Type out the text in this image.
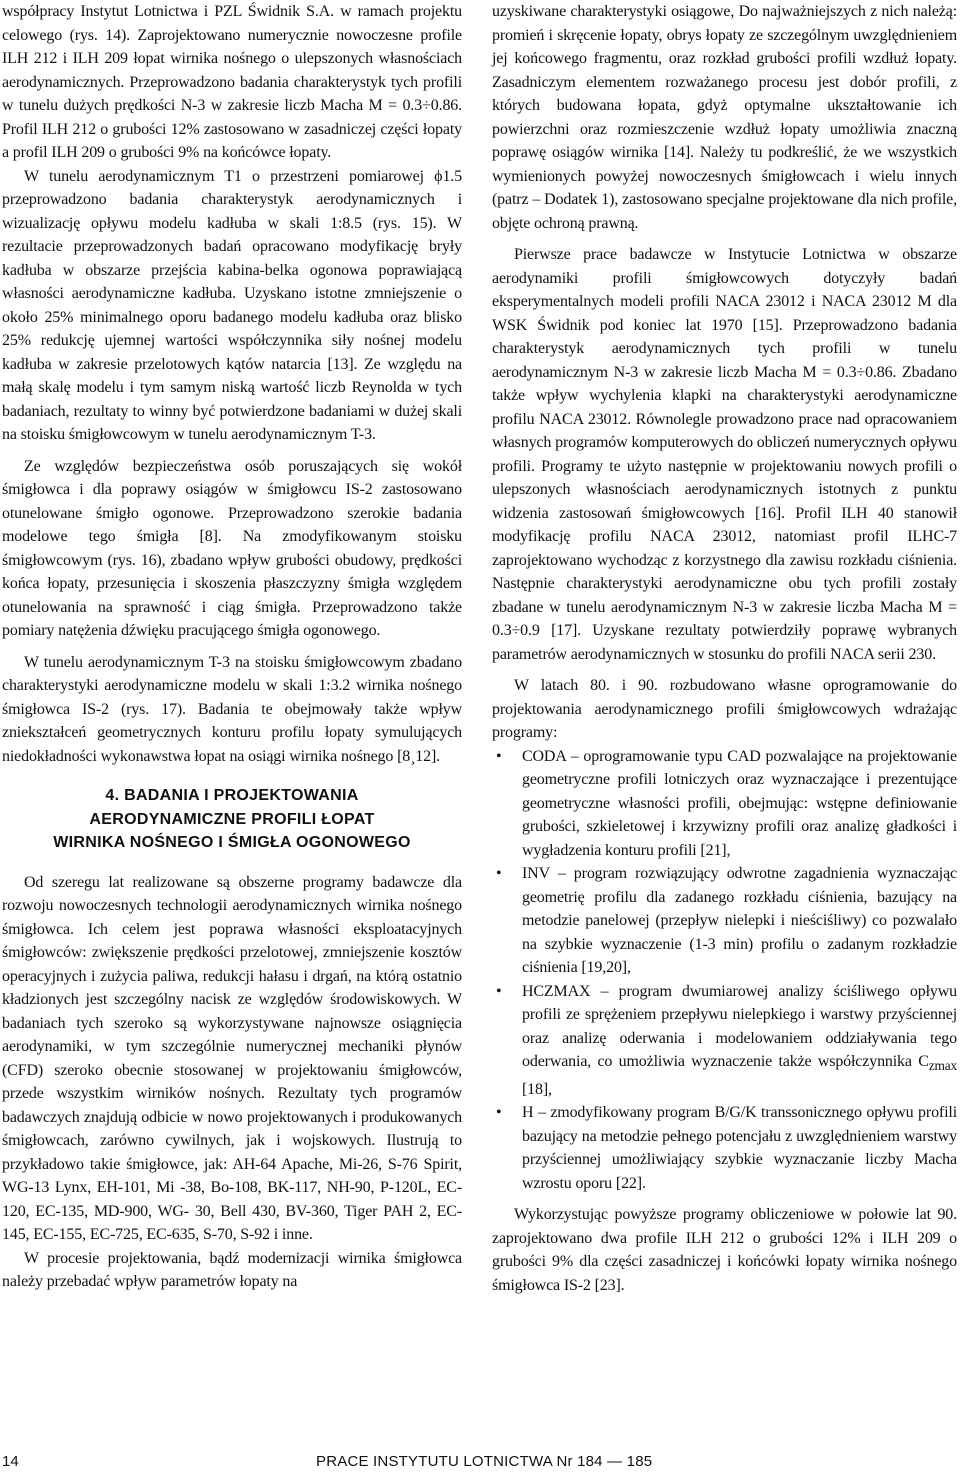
współpracy Instytut Lotnictwa i PZL Świdnik S.A. w ramach projektu celowego (rys. 14). Zaprojektowano numerycznie nowoczesne profile ILH 212 i ILH 209 łopat wirnika nośnego o ulepszonych własnościach aerodynamicznych. Przeprowadzono badania charakterystyk tych profili w tunelu dużych prędkości N-3 w zakresie liczb Macha M = 0.3÷0.86. Profil ILH 212 o grubości 12% zastosowano w zasadniczej części łopaty a profil ILH 209 o grubości 9% na końcówce łopaty.

W tunelu aerodynamicznym T1 o przestrzeni pomiarowej ϕ1.5 przeprowadzono badania charakterystyk aerodynamicznych i wizualizację opływu modelu kadłuba w skali 1:8.5 (rys. 15). W rezultacie przeprowadzonych badań opracowano modyfikację bryły kadłuba w obszarze przejścia kabina-belka ogonowa poprawiającą własności aerodynamiczne kadłuba. Uzyskano istotne zmniejszenie o około 25% minimalnego oporu badanego modelu kadłuba oraz blisko 25% redukcję ujemnej wartości współczynnika siły nośnej modelu kadłuba w zakresie przelotowych kątów natarcia [13]. Ze względu na małą skalę modelu i tym samym niską wartość liczb Reynolda w tych badaniach, rezultaty to winny być potwierdzone badaniami w dużej skali na stoisku śmigłowcowym w tunelu aerodynamicznym T-3.

Ze względów bezpieczeństwa osób poruszających się wokół śmigłowca i dla poprawy osiągów w śmigłowcu IS-2 zastosowano otunelowane śmigło ogonowe. Przeprowadzono szerokie badania modelowe tego śmigła [8]. Na zmodyfikowanym stoisku śmigłowcowym (rys. 16), zbadano wpływ grubości obudowy, prędkości końca łopaty, przesunięcia i skoszenia płaszczyzny śmigła względem otunelowania na sprawność i ciąg śmigła. Przeprowadzono także pomiary natężenia dźwięku pracującego śmigła ogonowego.

W tunelu aerodynamicznym T-3 na stoisku śmigłowcowym zbadano charakterystyki aerodynamiczne modelu w skali 1:3.2 wirnika nośnego śmigłowca IS-2 (rys. 17). Badania te obejmowały także wpływ zniekształceń geometrycznych konturu profilu łopaty symulujących niedokładności wykonawstwa łopat na osiągi wirnika nośnego [8¸12].

4. BADANIA I PROJEKTOWANIA
AERODYNAMICZNE PROFILI ŁOPAT
WIRNIKA NOŚNEGO I ŚMIGŁA OGONOWEGO

Od szeregu lat realizowane są obszerne programy badawcze dla rozwoju nowoczesnych technologii aerodynamicznych wirnika nośnego śmigłowca. Ich celem jest poprawa własności eksploatacyjnych śmigłowców: zwiększenie prędkości przelotowej, zmniejszenie kosztów operacyjnych i zużycia paliwa, redukcji hałasu i drgań, na którą ostatnio kładzionych jest szczególny nacisk ze względów środowiskowych. W badaniach tych szeroko są wykorzystywane najnowsze osiągnięcia aerodynamiki, w tym szczególnie numerycznej mechaniki płynów (CFD) szeroko obecnie stosowanej w projektowaniu śmigłowców, przede wszystkim wirników nośnych. Rezultaty tych programów badawczych znajdują odbicie w nowo projektowanych i produkowanych śmigłowcach, zarówno cywilnych, jak i wojskowych. Ilustrują to przykładowo takie śmigłowce, jak: AH-64 Apache, Mi-26, S-76 Spirit, WG-13 Lynx, EH-101, Mi -38, Bo-108, BK-117, NH-90, P-120L, EC-120, EC-135, MD-900, WG- 30, Bell 430, BV-360, Tiger PAH 2, EC-145, EC-155, EC-725, EC-635, S-70, S-92 i inne.

W procesie projektowania, bądź modernizacji wirnika śmigłowca należy przebadać wpływ parametrów łopaty na

uzyskiwane charakterystyki osiągowe, Do najważniejszych z nich należą: promień i skręcenie łopaty, obrys łopaty ze szczególnym uwzględnieniem jej końcowego fragmentu, oraz rozkład grubości profili wzdłuż łopaty. Zasadniczym elementem rozważanego procesu jest dobór profili, z których budowana łopata, gdyż optymalne ukształtowanie ich powierzchni oraz rozmieszczenie wzdłuż łopaty umożliwia znaczną poprawę osiągów wirnika [14]. Należy tu podkreślić, że we wszystkich wymienionych powyżej nowoczesnych śmigłowcach i wielu innych (patrz – Dodatek 1), zastosowano specjalne projektowane dla nich profile, objęte ochroną prawną.

Pierwsze prace badawcze w Instytucie Lotnictwa w obszarze aerodynamiki profili śmigłowcowych dotyczyły badań eksperymentalnych modeli profili NACA 23012 i NACA 23012 M dla WSK Świdnik pod koniec lat 1970 [15]. Przeprowadzono badania charakterystyk aerodynamicznych tych profili w tunelu aerodynamicznym N-3 w zakresie liczb Macha M = 0.3÷0.86. Zbadano także wpływ wychylenia klapki na charakterystyki aerodynamiczne profilu NACA 23012. Równolegle prowadzono prace nad opracowaniem własnych programów komputerowych do obliczeń numerycznych opływu profili. Programy te użyto następnie w projektowaniu nowych profili o ulepszonych własnościach aerodynamicznych istotnych z punktu widzenia zastosowań śmigłowcowych [16]. Profil ILH 40 stanowił modyfikację profilu NACA 23012, natomiast profil ILHC-7 zaprojektowano wychodząc z korzystnego dla zawisu rozkładu ciśnienia. Następnie charakterystyki aerodynamiczne obu tych profili zostały zbadane w tunelu aerodynamicznym N-3 w zakresie liczba Macha M = 0.3÷0.9 [17]. Uzyskane rezultaty potwierdziły poprawę wybranych parametrów aerodynamicznych w stosunku do profili NACA serii 230.

W latach 80. i 90. rozbudowano własne oprogramowanie do projektowania aerodynamicznego profili śmigłowcowych wdrażając programy:

• CODA – oprogramowanie typu CAD pozwalające na projektowanie geometryczne profili lotniczych oraz wyznaczające i prezentujące geometryczne własności profili, obejmując: wstępne definiowanie grubości, szkieletowej i krzywizny profili oraz analizę gładkości i wygładzenia konturu profili [21],
• INV – program rozwiązujący odwrotne zagadnienia wyznaczając geometrię profilu dla zadanego rozkładu ciśnienia, bazujący na metodzie panelowej (przepływ nielepki i nieściśliwy) co pozwalało na szybkie wyznaczenie (1-3 min) profilu o zadanym rozkładzie ciśnienia [19,20],
• HCZMAX – program dwumiarowej analizy ściśliwego opływu profili ze sprężeniem przepływu nielepkiego i warstwy przyściennej oraz analizę oderwania i modelowaniem oddziaływania tego oderwania, co umożliwia wyznaczenie także współczynnika $C_{zmax}$ [18],
• H – zmodyfikowany program B/G/K transsonicznego opływu profili bazujący na metodzie pełnego potencjału z uwzględnieniem warstwy przyściennej umożliwiający szybkie wyznaczanie liczby Macha wzrostu oporu [22].

Wykorzystując powyższe programy obliczeniowe w połowie lat 90. zaprojektowano dwa profile ILH 212 o grubości 12% i ILH 209 o grubości 9% dla części zasadniczej i końcówki łopaty wirnika nośnego śmigłowca IS-2 [23].

14	PRACE INSTYTUTU LOTNICTWA Nr 184 — 185
